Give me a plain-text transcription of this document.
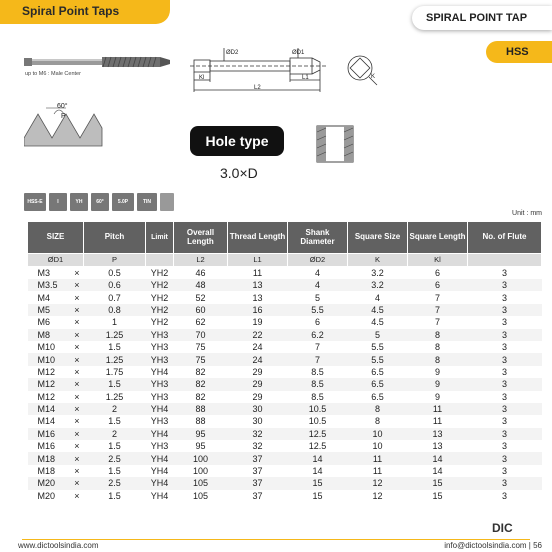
Spiral Point Taps	SPIRAL POINT TAP
HSS
up to M6 : Male Center
ØD2	ØD1
Kl	L1
L2
K
60°
P
Hole type
3.0×D
HSS-E	I	YH	60°	5.0P	TIN
Unit : mm
SIZE	Pitch	Limit	Overall Length	Thread Length	Shank Diameter	Square Size	Square Length	No. of Flute
ØD1	P		L2	L1	ØD2	K	Kl	
M3 ×	0.5	YH2	46	11	4	3.2	6	3
M3.5 ×	0.6	YH2	48	13	4	3.2	6	3
M4 ×	0.7	YH2	52	13	5	4	7	3
M5 ×	0.8	YH2	60	16	5.5	4.5	7	3
M6 ×	1	YH2	62	19	6	4.5	7	3
M8 ×	1.25	YH3	70	22	6.2	5	8	3
M10 ×	1.5	YH3	75	24	7	5.5	8	3
M10 ×	1.25	YH3	75	24	7	5.5	8	3
M12 ×	1.75	YH4	82	29	8.5	6.5	9	3
M12 ×	1.5	YH3	82	29	8.5	6.5	9	3
M12 ×	1.25	YH3	82	29	8.5	6.5	9	3
M14 ×	2	YH4	88	30	10.5	8	11	3
M14 ×	1.5	YH3	88	30	10.5	8	11	3
M16 ×	2	YH4	95	32	12.5	10	13	3
M16 ×	1.5	YH3	95	32	12.5	10	13	3
M18 ×	2.5	YH4	100	37	14	11	14	3
M18 ×	1.5	YH4	100	37	14	11	14	3
M20 ×	2.5	YH4	105	37	15	12	15	3
M20 ×	1.5	YH4	105	37	15	12	15	3
DIC
www.dictoolsindia.com	info@dictoolsindia.com | 56
